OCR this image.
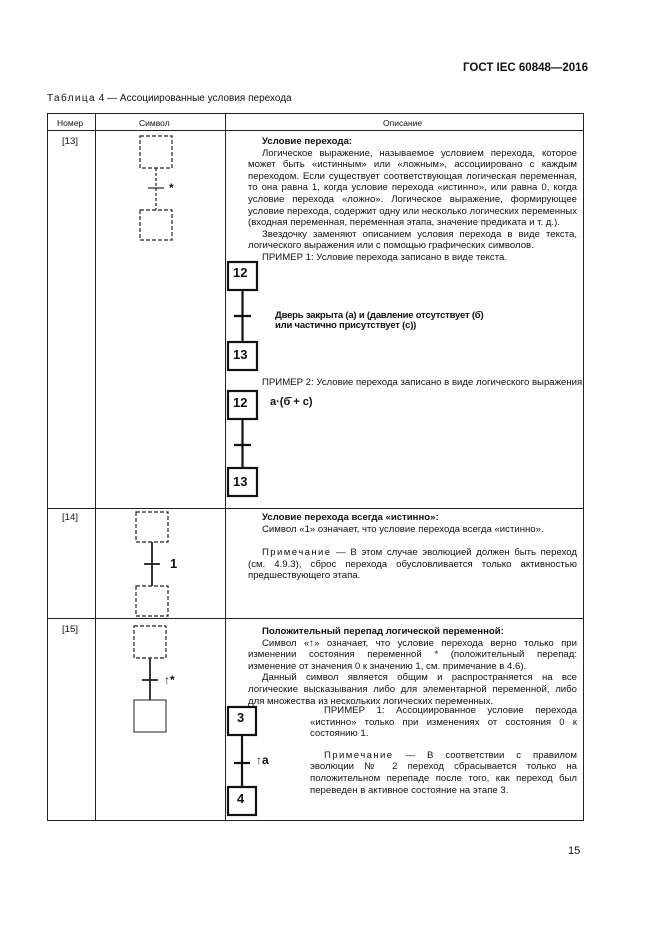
ГОСТ IEC 60848—2016
Таблица 4 — Ассоциированные условия перехода
Номер	Символ	Описание
[13]
*

Условие перехода:

Логическое выражение, называемое условием перехода, которое может быть «истинным» или «ложным», ассоциировано с каждым переходом. Если существует соответствующая логическая переменная, то она равна 1, когда условие перехода «истинно», или равна 0, когда условие перехода «ложно». Логическое выражение, формирующее условие перехода, содержит одну или несколько логических переменных (входная переменная, переменная этапа, значение предиката и т. д.).

Звездочку заменяют описанием условия перехода в виде текста, логического выражения или с помощью графических символов.

ПРИМЕР 1: Условие перехода записано в виде текста.

12
13
Дверь закрыта (a) и (давление отсутствует (б̄)
или частично присутствует (c))
ПРИМЕР 2: Условие перехода записано в виде логического выражения.
12
13
a·(б̄ + c)
[14]
1

Условие перехода всегда «истинно»:

Символ «1» означает, что условие перехода всегда «истинно».

Примечание — В этом случае эволюцией должен быть переход (см. 4.9.3), сброс перехода обусловливается только активностью предшествующего этапа.

[15]
↑*

Положительный перепад логической переменной:

Символ «↑» означает, что условие перехода верно только при изменении состояния переменной * (положительный перепад: изменение от значения 0 к значению 1, см. примечание в 4.6).

Данный символ является общим и распространяется на все логические высказывания либо для элементарной переменной, либо для множества из нескольких логических переменных.

3
4
↑a

ПРИМЕР 1: Ассоциированное условие перехода «истинно» только при изменениях от состояния 0 к состоянию 1.

Примечание — В соответствии с правилом эволюции № 2 переход сбрасывается только на положительном перепаде после того, как переход был переведен в активное состояние на этапе 3.

15
